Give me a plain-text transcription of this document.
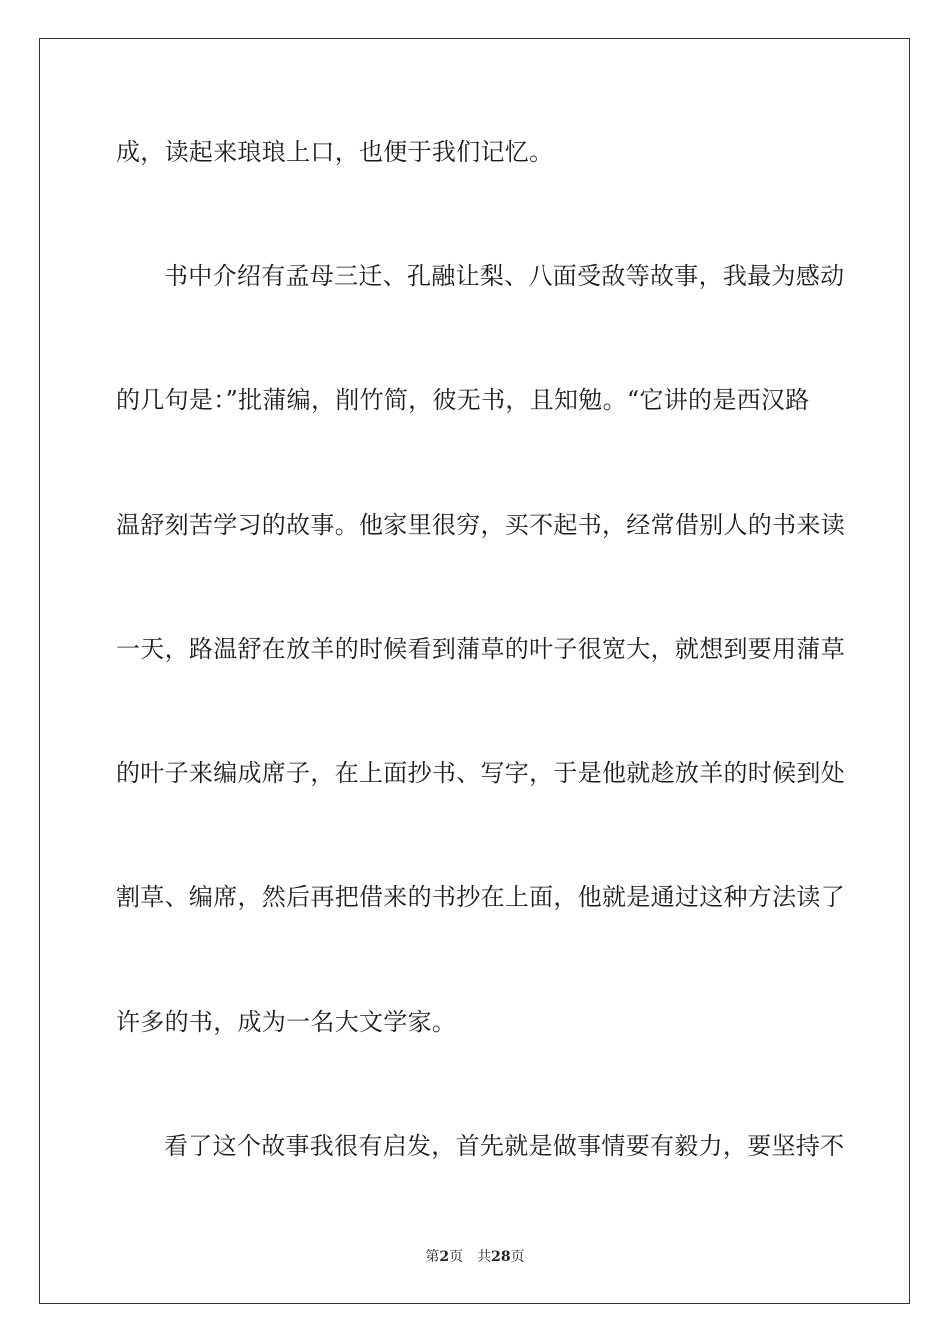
成，读起来琅琅上口，也便于我们记忆。
书中介绍有孟母三迁、孔融让梨、八面受敌等故事，我最为感动
的几句是：”批蒲编，削竹简，彼无书，且知勉。“它讲的是西汉路
温舒刻苦学习的故事。他家里很穷，买不起书，经常借别人的书来读
一天，路温舒在放羊的时候看到蒲草的叶子很宽大，就想到要用蒲草
的叶子来编成席子，在上面抄书、写字，于是他就趁放羊的时候到处
割草、编席，然后再把借来的书抄在上面，他就是通过这种方法读了
许多的书，成为一名大文学家。
看了这个故事我很有启发，首先就是做事情要有毅力，要坚持不
第2页 共28页
